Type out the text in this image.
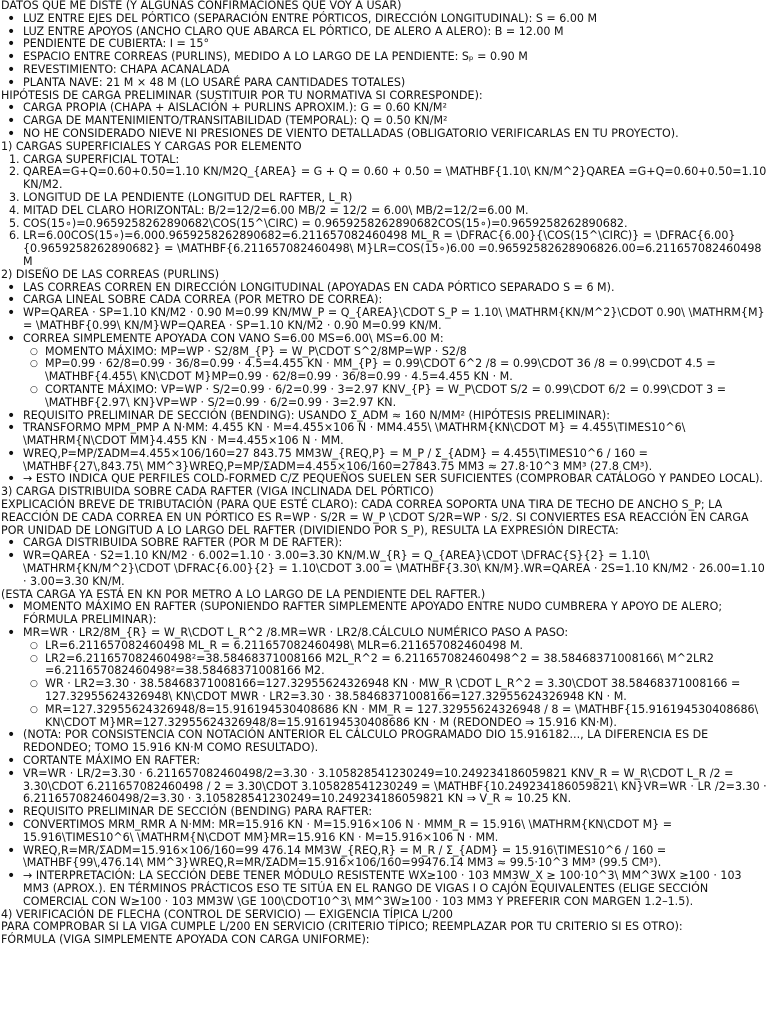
DATOS QUE ME DISTE (Y ALGUNAS CONFIRMACIONES QUE VOY A USAR)

• LUZ ENTRE EJES DEL PÓRTICO (SEPARACIÓN ENTRE PÓRTICOS, DIRECCIÓN LONGITUDINAL): S = 6.00 M
• LUZ ENTRE APOYOS (ANCHO CLARO QUE ABARCA EL PÓRTICO, DE ALERO A ALERO): B = 12.00 M
• PENDIENTE DE CUBIERTA: I = 15°
• ESPACIO ENTRE CORREAS (PURLINS), MEDIDO A LO LARGO DE LA PENDIENTE: Sₚ = 0.90 M
• REVESTIMIENTO: CHAPA ACANALADA
• PLANTA NAVE: 21 M × 48 M (LO USARÉ PARA CANTIDADES TOTALES)

HIPÓTESIS DE CARGA PRELIMINAR (SUSTITUIR POR TU NORMATIVA SI CORRESPONDE):

• CARGA PROPIA (CHAPA + AISLACIÓN + PURLINS APROXIM.): G = 0.60 KN/M²
• CARGA DE MANTENIMIENTO/TRANSITABILIDAD (TEMPORAL): Q = 0.50 KN/M²
• NO HE CONSIDERADO NIEVE NI PRESIONES DE VIENTO DETALLADAS (OBLIGATORIO VERIFICARLAS EN TU PROYECTO).

1) CARGAS SUPERFICIALES Y CARGAS POR ELEMENTO

1. CARGA SUPERFICIAL TOTAL:
2. QAREA=G+Q=0.60+0.50=1.10 KN/M2Q_{AREA} = G + Q = 0.60 + 0.50 = \MATHBF{1.10\ KN/M^2}QAREA =G+Q=0.60+0.50=1.10 KN/M2.
3. LONGITUD DE LA PENDIENTE (LONGITUD DEL RAFTER, L_R)
4. MITAD DEL CLARO HORIZONTAL: B/2=12/2=6.00 MB/2 = 12/2 = 6.00\ MB/2=12/2=6.00 M.
5. COS(15∘)=0.9659258262890682\COS(15^\CIRC) = 0.9659258262890682COS(15∘)=0.9659258262890682.
6. LR=6.00COS(15∘)=6.000.9659258262890682=6.211657082460498 ML_R = \DFRAC{6.00}{\COS(15^\CIRC)} = \DFRAC{6.00}{0.9659258262890682} = \MATHBF{6.211657082460498\ M}LR=COS(15∘)6.00 =0.96592582628906826.00=6.211657082460498 M

2) DISEÑO DE LAS CORREAS (PURLINS)

• LAS CORREAS CORREN EN DIRECCIÓN LONGITUDINAL (APOYADAS EN CADA PÓRTICO SEPARADO S = 6 M).
• CARGA LINEAL SOBRE CADA CORREA (POR METRO DE CORREA):
• WP=QAREA · SP=1.10 KN/M2 · 0.90 M=0.99 KN/MW_P = Q_{AREA}\CDOT S_P = 1.10\ \MATHRM{KN/M^2}\CDOT 0.90\ \MATHRM{M} = \MATHBF{0.99\ KN/M}WP=QAREA · SP=1.10 KN/M2 · 0.90 M=0.99 KN/M.
• CORREA SIMPLEMENTE APOYADA CON VANO S=6.00 MS=6.00\ MS=6.00 M:
○ MOMENTO MÁXIMO: MP=WP · S2/8M_{P} = W_P\CDOT S^2/8MP=WP · S2/8
○ MP=0.99 · 62/8=0.99 · 36/8=0.99 · 4.5=4.455 KN · MM_{P} = 0.99\CDOT 6^2 /8 = 0.99\CDOT 36 /8 = 0.99\CDOT 4.5 = \MATHBF{4.455\ KN\CDOT M}MP=0.99 · 62/8=0.99 · 36/8=0.99 · 4.5=4.455 KN · M.
○ CORTANTE MÁXIMO: VP=WP · S/2=0.99 · 6/2=0.99 · 3=2.97 KNV_{P} = W_P\CDOT S/2 = 0.99\CDOT 6/2 = 0.99\CDOT 3 = \MATHBF{2.97\ KN}VP=WP · S/2=0.99 · 6/2=0.99 · 3=2.97 KN.
• REQUISITO PRELIMINAR DE SECCIÓN (BENDING): USANDO Σ_ADM ≈ 160 N/MM² (HIPÓTESIS PRELIMINAR):
• TRANSFORMO MPM_PMP A N·MM: 4.455 KN · M=4.455×106 N · MM4.455\ \MATHRM{KN\CDOT M} = 4.455\TIMES10^6\ \MATHRM{N\CDOT MM}4.455 KN · M=4.455×106 N · MM.
• WREQ,P=MP/ΣADM=4.455×106/160=27 843.75 MM3W_{REQ,P} = M_P / Σ_{ADM} = 4.455\TIMES10^6 / 160 = \MATHBF{27\,843.75\ MM^3}WREQ,P=MP/ΣADM=4.455×106/160=27843.75 MM3 ≈ 27.8·10^3 MM³ (27.8 CM³).
• → ESTO INDICA QUE PERFILES COLD-FORMED C/Z PEQUEÑOS SUELEN SER SUFICIENTES (COMPROBAR CATÁLOGO Y PANDEO LOCAL).

3) CARGA DISTRIBUIDA SOBRE CADA RAFTER (VIGA INCLINADA DEL PÓRTICO)

EXPLICACIÓN BREVE DE TRIBUTACIÓN (PARA QUE ESTÉ CLARO): CADA CORREA SOPORTA UNA TIRA DE TECHO DE ANCHO S_P; LA REACCIÓN DE CADA CORREA EN UN PÓRTICO ES R=WP · S/2R = W_P \CDOT S/2R=WP · S/2. SI CONVIERTES ESA REACCIÓN EN CARGA POR UNIDAD DE LONGITUD A LO LARGO DEL RAFTER (DIVIDIENDO POR S_P), RESULTA LA EXPRESIÓN DIRECTA:

• CARGA DISTRIBUIDA SOBRE RAFTER (POR M DE RAFTER):
• WR=QAREA · S2=1.10 KN/M2 · 6.002=1.10 · 3.00=3.30 KN/M.W_{R} = Q_{AREA}\CDOT \DFRAC{S}{2} = 1.10\ \MATHRM{KN/M^2}\CDOT \DFRAC{6.00}{2} = 1.10\CDOT 3.00 = \MATHBF{3.30\ KN/M}.WR=QAREA · 2S=1.10 KN/M2 · 26.00=1.10 · 3.00=3.30 KN/M.

(ESTA CARGA YA ESTÁ EN KN POR METRO A LO LARGO DE LA PENDIENTE DEL RAFTER.)

• MOMENTO MÁXIMO EN RAFTER (SUPONIENDO RAFTER SIMPLEMENTE APOYADO ENTRE NUDO CUMBRERA Y APOYO DE ALERO; FÓRMULA PRELIMINAR):
• MR=WR · LR2/8M_{R} = W_R\CDOT L_R^2 /8.MR=WR · LR2/8.CÁLCULO NUMÉRICO PASO A PASO:
○ LR=6.211657082460498 ML_R = 6.211657082460498\ MLR=6.211657082460498 M.
○ LR2=6.211657082460498²=38.58468371008166 M2L_R^2 = 6.211657082460498^2 = 38.58468371008166\ M^2LR2 =6.211657082460498²=38.58468371008166 M2.
○ WR · LR2=3.30 · 38.58468371008166=127.32955624326948 KN · MW_R \CDOT L_R^2 = 3.30\CDOT 38.58468371008166 = 127.32955624326948\ KN\CDOT MWR · LR2=3.30 · 38.58468371008166=127.32955624326948 KN · M.
○ MR=127.32955624326948/8=15.916194530408686 KN · MM_R = 127.32955624326948 / 8 = \MATHBF{15.916194530408686\ KN\CDOT M}MR=127.32955624326948/8=15.916194530408686 KN · M (REDONDEO ⇒ 15.916 KN·M).
• (NOTA: POR CONSISTENCIA CON NOTACIÓN ANTERIOR EL CÁLCULO PROGRAMADO DIO 15.916182..., LA DIFERENCIA ES DE REDONDEO; TOMO 15.916 KN·M COMO RESULTADO).
• CORTANTE MÁXIMO EN RAFTER:
• VR=WR · LR/2=3.30 · 6.211657082460498/2=3.30 · 3.105828541230249=10.249234186059821 KNV_R = W_R\CDOT L_R /2 = 3.30\CDOT 6.211657082460498 / 2 = 3.30\CDOT 3.105828541230249 = \MATHBF{10.249234186059821\ KN}VR=WR · LR /2=3.30 · 6.211657082460498/2=3.30 · 3.105828541230249=10.249234186059821 KN ⇒ V_R ≈ 10.25 KN.
• REQUISITO PRELIMINAR DE SECCIÓN (BENDING) PARA RAFTER:
• CONVERTIMOS MRM_RMR A N·MM: MR=15.916 KN · M=15.916×106 N · MMM_R = 15.916\ \MATHRM{KN\CDOT M} = 15.916\TIMES10^6\ \MATHRM{N\CDOT MM}MR=15.916 KN · M=15.916×106 N · MM.
• WREQ,R=MR/ΣADM=15.916×106/160=99 476.14 MM3W_{REQ,R} = M_R / Σ_{ADM} = 15.916\TIMES10^6 / 160 = \MATHBF{99\,476.14\ MM^3}WREQ,R=MR/ΣADM=15.916×106/160=99476.14 MM3 ≈ 99.5·10^3 MM³ (99.5 CM³).
• → INTERPRETACIÓN: LA SECCIÓN DEBE TENER MÓDULO RESISTENTE WX≥100 · 103 MM3W_X ≥ 100·10^3\ MM^3WX ≥100 · 103 MM3 (APROX.). EN TÉRMINOS PRÁCTICOS ESO TE SITÚA EN EL RANGO DE VIGAS I O CAJÓN EQUIVALENTES (ELIGE SECCIÓN COMERCIAL CON W≥100 · 103 MM3W \GE 100\CDOT10^3\ MM^3W≥100 · 103 MM3 Y PREFERIR CON MARGEN 1.2–1.5).

4) VERIFICACIÓN DE FLECHA (CONTROL DE SERVICIO) — EXIGENCIA TÍPICA L/200

PARA COMPROBAR SI LA VIGA CUMPLE L/200 EN SERVICIO (CRITERIO TÍPICO; REEMPLAZAR POR TU CRITERIO SI ES OTRO):

FÓRMULA (VIGA SIMPLEMENTE APOYADA CON CARGA UNIFORME):
